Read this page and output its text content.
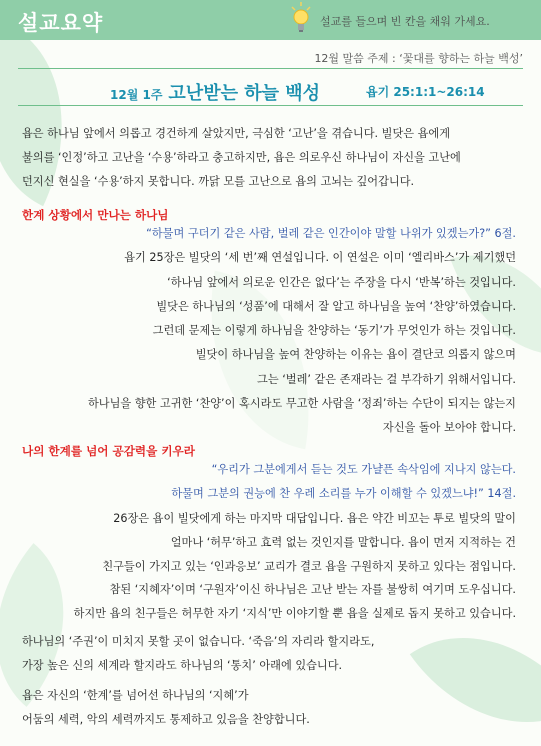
설교요약	설교를 들으며 빈 칸을 채워 가세요.
12월 말씀 주제 : ‘꽃대를 향하는 하늘 백성’
12월 1주 고난받는 하늘 백성	욥기 25:1:1~26:14
욥은 하나님 앞에서 의롭고 경건하게 살았지만, 극심한 ‘고난’을 겪습니다. 빌닷은 욥에게
불의를 ‘인정’하고 고난을 ‘수용’하라고 충고하지만, 욥은 의로우신 하나님이 자신을 고난에
던지신 현실을 ‘수용’하지 못합니다. 까닭 모를 고난으로 욥의 고뇌는 깊어갑니다.
한계 상황에서 만나는 하나님
“하물며 구더기 같은 사람, 벌레 같은 인간이야 말할 나위가 있겠는가?” 6절.
욥기 25장은 빌닷의 ‘세 번’째 연설입니다. 이 연설은 이미 ‘엘리바스’가 제기했던
‘하나님 앞에서 의로운 인간은 없다’는 주장을 다시 ‘반복’하는 것입니다.
빌닷은 하나님의 ‘성품’에 대해서 잘 알고 하나님을 높여 ‘찬양’하였습니다.
그런데 문제는 이렇게 하나님을 찬양하는 ‘동기’가 무엇인가 하는 것입니다.
빌닷이 하나님을 높여 찬양하는 이유는 욥이 결단코 의롭지 않으며
그는 ‘벌레’ 같은 존재라는 걸 부각하기 위해서입니다.
하나님을 향한 고귀한 ‘찬양’이 혹시라도 무고한 사람을 ‘정죄’하는 수단이 되지는 않는지
자신을 돌아 보아야 합니다.
나의 한계를 넘어 공감력을 키우라
“우리가 그분에게서 듣는 것도 가냘픈 속삭임에 지나지 않는다.
하물며 그분의 권능에 찬 우레 소리를 누가 이해할 수 있겠느냐!” 14절.
26장은 욥이 빌닷에게 하는 마지막 대답입니다. 욥은 약간 비꼬는 투로 빌닷의 말이
얼마나 ‘허무’하고 효력 없는 것인지를 말합니다. 욥이 먼저 지적하는 건
친구들이 가지고 있는 ‘인과응보’ 교리가 결코 욥을 구원하지 못하고 있다는 점입니다.
참된 ‘지혜자’이며 ‘구원자’이신 하나님은 고난 받는 자를 불쌍히 여기며 도우십니다.
하지만 욥의 친구들은 허무한 자기 ‘지식’만 이야기할 뿐 욥을 실제로 돕지 못하고 있습니다.
하나님의 ‘주권’이 미치지 못할 곳이 없습니다. ‘죽음’의 자리라 할지라도,
가장 높은 신의 세계라 할지라도 하나님의 ‘통치’ 아래에 있습니다.
욥은 자신의 ‘한계’를 넘어선 하나님의 ‘지혜’가
어둠의 세력, 악의 세력까지도 통제하고 있음을 찬양합니다.
